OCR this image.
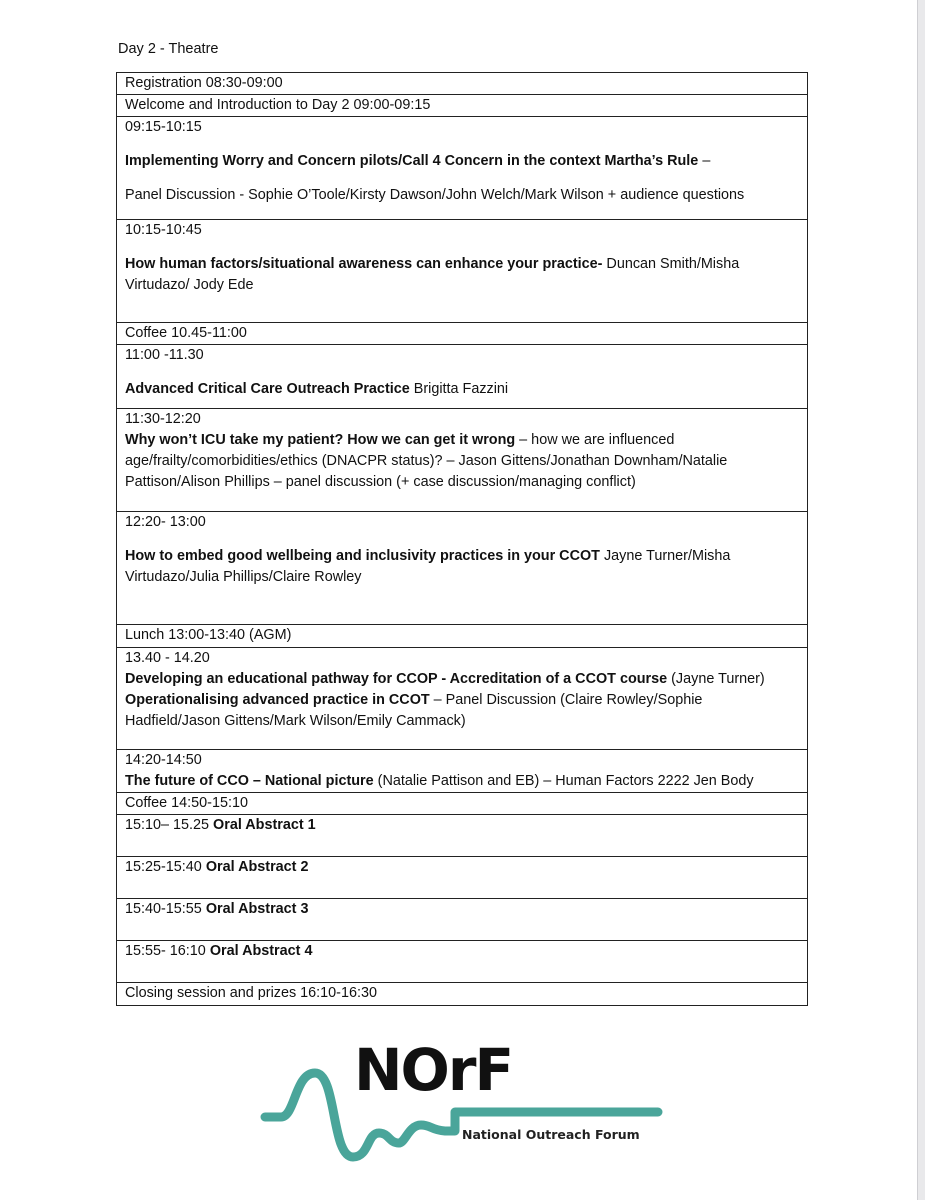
Day 2 - Theatre
Registration 08:30-09:00
Welcome and Introduction to Day 2 09:00-09:15

09:15-10:15
Implementing Worry and Concern pilots/Call 4 Concern in the context Martha’s Rule –
Panel Discussion - Sophie O’Toole/Kirsty Dawson/John Welch/Mark Wilson + audience questions

10:15-10:45
How human factors/situational awareness can enhance your practice- Duncan Smith/Misha Virtudazo/ Jody Ede

Coffee 10.45-11:00

11:00 -11.30
Advanced Critical Care Outreach Practice Brigitta Fazzini

11:30-12:20
Why won’t ICU take my patient? How we can get it wrong – how we are influenced age/frailty/comorbidities/ethics (DNACPR status)? – Jason Gittens/Jonathan Downham/Natalie Pattison/Alison Phillips – panel discussion (+ case discussion/managing conflict)

12:20- 13:00
How to embed good wellbeing and inclusivity practices in your CCOT Jayne Turner/Misha Virtudazo/Julia Phillips/Claire Rowley

Lunch 13:00-13:40 (AGM)

13.40 - 14.20
Developing an educational pathway for CCOP - Accreditation of a CCOT course (Jayne Turner)
Operationalising advanced practice in CCOT – Panel Discussion (Claire Rowley/Sophie Hadfield/Jason Gittens/Mark Wilson/Emily Cammack)

14:20-14:50
The future of CCO – National picture (Natalie Pattison and EB) – Human Factors 2222 Jen Body

Coffee 14:50-15:10
15:10– 15.25 Oral Abstract 1
15:25-15:40 Oral Abstract 2
15:40-15:55 Oral Abstract 3
15:55- 16:10 Oral Abstract 4
Closing session and prizes 16:10-16:30
NOrF
National Outreach Forum
